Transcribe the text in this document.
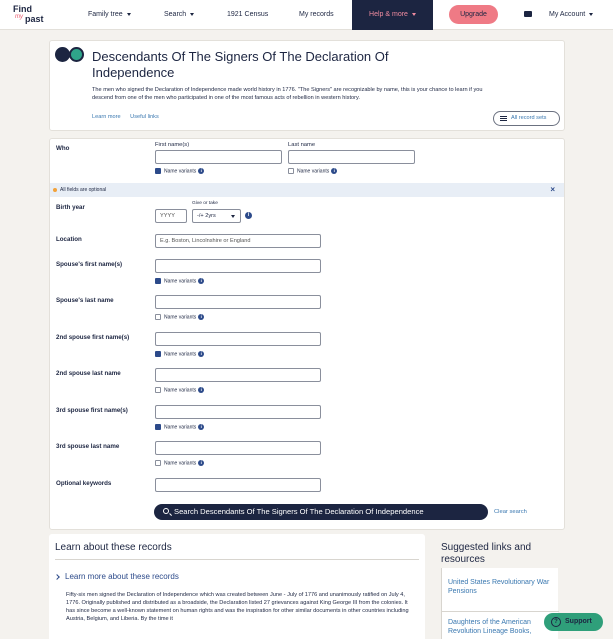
Find
my past	Family tree	Search	1921 Census	My records	Help & more	Upgrade	My Account
Descendants Of The Signers Of The Declaration Of Independence
The men who signed the Declaration of Independence made world history in 1776. "The Signers" are recognizable by name, this is your chance to learn if you descend from one of the men who participated in one of the most famous acts of rebellion in western history.
Learn more Useful links	All record sets
Who	First name(s)	Last name
Name variants i	Name variants i
All fields are optional	×
Birth year
Give or take
YYYY
-/+ 2yrs	i
Location
E.g. Boston, Lincolnshire or England
Spouse's first name(s)
Name variants i
Spouse's last name
Name variants i
2nd spouse first name(s)
Name variants i
2nd spouse last name
Name variants i
3rd spouse first name(s)
Name variants i
3rd spouse last name
Name variants i
Optional keywords
Search Descendants Of The Signers Of The Declaration Of Independence	Clear search
Learn about these records
Learn more about these records
Fifty-six men signed the Declaration of Independence which was created between June - July of 1776 and unanimously ratified on July 4, 1776. Originally published and distributed as a broadside, the Declaration listed 27 grievances against King George III from the colonies. It has since become a well-known statement on human rights and was the inspiration for other similar documents in other countries including Austria, Belgium, and Liberia. By the time it
Suggested links and resources
United States Revolutionary War Pensions
Daughters of the American Revolution Lineage Books,
?	Support
